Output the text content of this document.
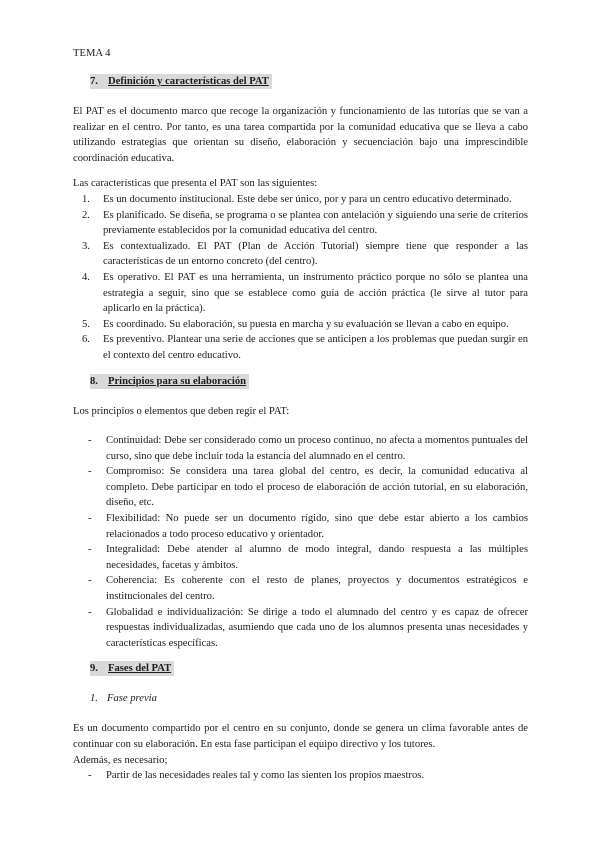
TEMA 4
7. Definición y características del PAT

El PAT es el documento marco que recoge la organización y funcionamiento de las tutorías que se van a realizar en el centro. Por tanto, es una tarea compartida por la comunidad educativa que se lleva a cabo utilizando estrategias que orientan su diseño, elaboración y secuenciación bajo una imprescindible coordinación educativa.

Las características que presenta el PAT son las siguientes:

1. Es un documento institucional. Este debe ser único, por y para un centro educativo determinado.
2. Es planificado. Se diseña, se programa o se plantea con antelación y siguiendo una serie de criterios previamente establecidos por la comunidad educativa del centro.
3. Es contextualizado. El PAT (Plan de Acción Tutorial) siempre tiene que responder a las características de un entorno concreto (del centro).
4. Es operativo. El PAT es una herramienta, un instrumento práctico porque no sólo se plantea una estrategia a seguir, sino que se establece como guía de acción práctica (le sirve al tutor para aplicarlo en la práctica).
5. Es coordinado. Su elaboración, su puesta en marcha y su evaluación se llevan a cabo en equipo.
6. Es preventivo. Plantear una serie de acciones que se anticipen a los problemas que puedan surgir en el contexto del centro educativo.
8. Principios para su elaboración

Los principios o elementos que deben regir el PAT:

- Continuidad: Debe ser considerado como un proceso continuo, no afecta a momentos puntuales del curso, sino que debe incluir toda la estancia del alumnado en el centro.
- Compromiso: Se considera una tarea global del centro, es decir, la comunidad educativa al completo. Debe participar en todo el proceso de elaboración de acción tutorial, en su elaboración, diseño, etc.
- Flexibilidad: No puede ser un documento rígido, sino que debe estar abierto a los cambios relacionados a todo proceso educativo y orientador.
- Integralidad: Debe atender al alumno de modo integral, dando respuesta a las múltiples necesidades, facetas y ámbitos.
- Coherencia: Es coherente con el resto de planes, proyectos y documentos estratégicos e institucionales del centro.
- Globalidad e individualización: Se dirige a todo el alumnado del centro y es capaz de ofrecer respuestas individualizadas, asumiendo que cada uno de los alumnos presenta unas necesidades y características específicas.
9. Fases del PAT
1. Fase previa

Es un documento compartido por el centro en su conjunto, donde se genera un clima favorable antes de continuar con su elaboración. En esta fase participan el equipo directivo y los tutores.

Además, es necesario;

- Partir de las necesidades reales tal y como las sienten los propios maestros.
